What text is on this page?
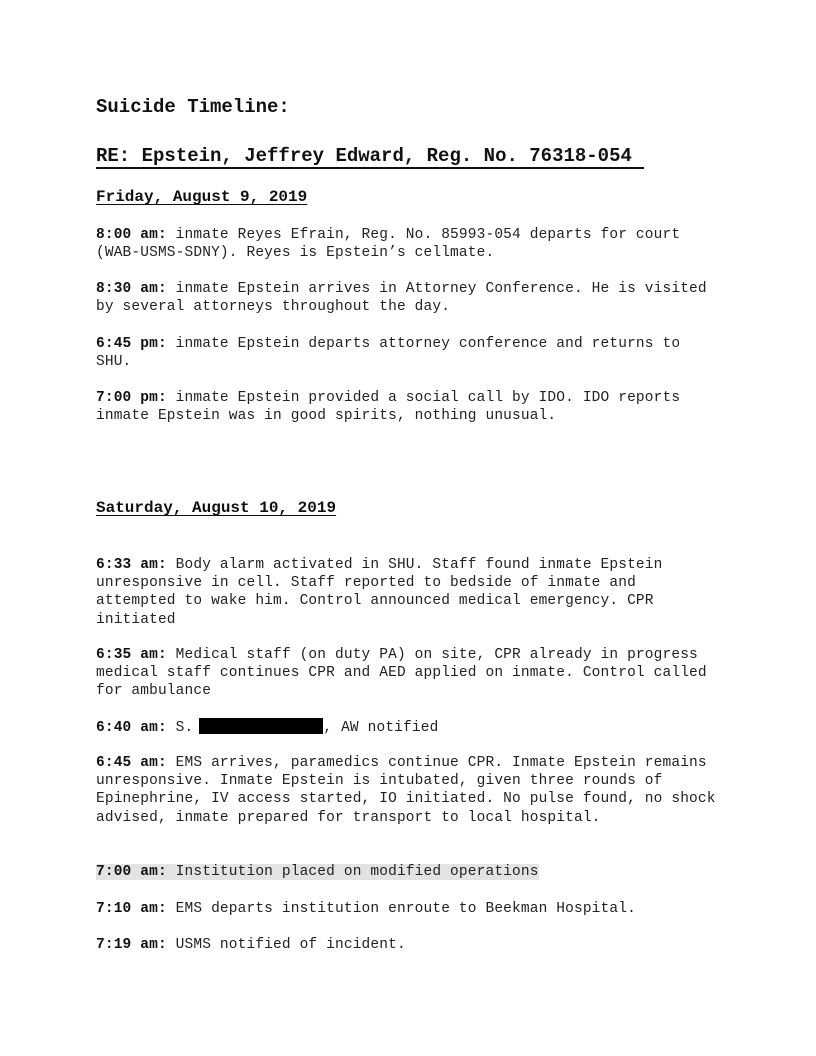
Suicide Timeline:
RE: Epstein, Jeffrey Edward, Reg. No. 76318-054
Friday, August 9, 2019

8:00 am: inmate Reyes Efrain, Reg. No. 85993-054 departs for court (WAB-USMS-SDNY). Reyes is Epstein’s cellmate.

8:30 am: inmate Epstein arrives in Attorney Conference. He is visited by several attorneys throughout the day.

6:45 pm: inmate Epstein departs attorney conference and returns to SHU.

7:00 pm: inmate Epstein provided a social call by IDO. IDO reports inmate Epstein was in good spirits, nothing unusual.

Saturday, August 10, 2019

6:33 am: Body alarm activated in SHU. Staff found inmate Epstein unresponsive in cell. Staff reported to bedside of inmate and attempted to wake him. Control announced medical emergency. CPR initiated

6:35 am: Medical staff (on duty PA) on site, CPR already in progress medical staff continues CPR and AED applied on inmate. Control called for ambulance

6:40 am: S.	, AW notified

6:45 am: EMS arrives, paramedics continue CPR. Inmate Epstein remains unresponsive. Inmate Epstein is intubated, given three rounds of Epinephrine, IV access started, IO initiated. No pulse found, no shock advised, inmate prepared for transport to local hospital.

7:00 am: Institution placed on modified operations

7:10 am: EMS departs institution enroute to Beekman Hospital.

7:19 am: USMS notified of incident.
